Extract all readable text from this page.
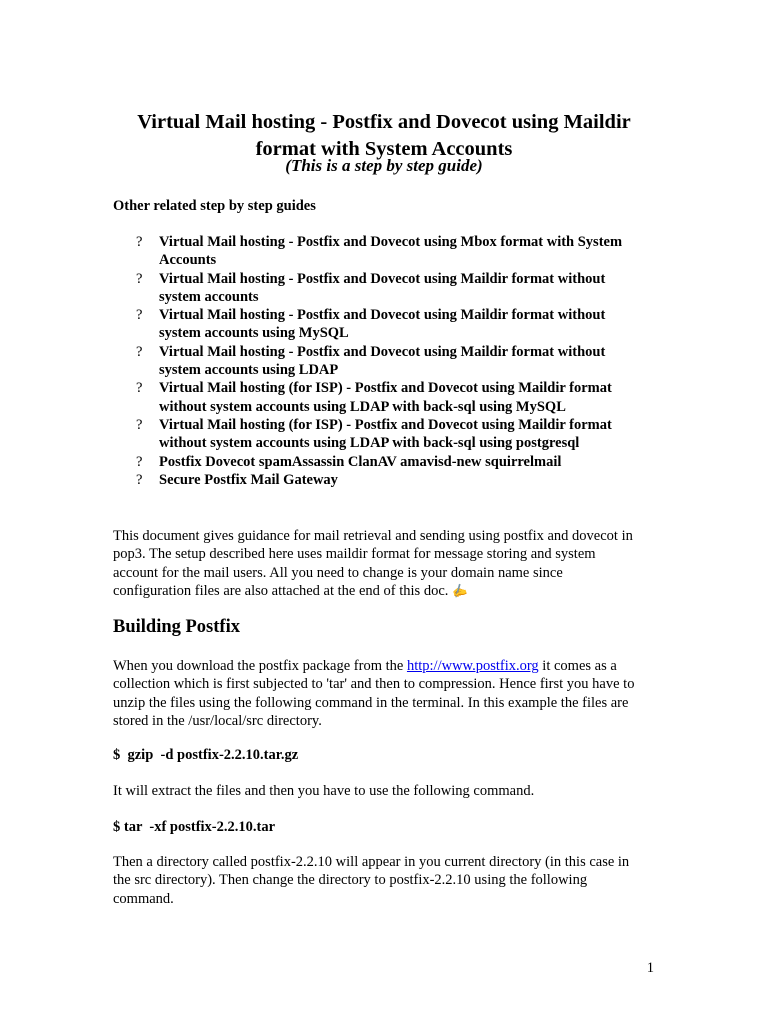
Virtual Mail hosting - Postfix and Dovecot using Maildir
format with System Accounts
(This is a step by step guide)
Other related step by step guides
? Virtual Mail hosting - Postfix and Dovecot using Mbox format with System
Accounts
? Virtual Mail hosting - Postfix and Dovecot using Maildir format without
system accounts
? Virtual Mail hosting - Postfix and Dovecot using Maildir format without
system accounts using MySQL
? Virtual Mail hosting - Postfix and Dovecot using Maildir format without
system accounts using LDAP
? Virtual Mail hosting (for ISP) - Postfix and Dovecot using Maildir format
without system accounts using LDAP with back-sql using MySQL
? Virtual Mail hosting (for ISP) - Postfix and Dovecot using Maildir format
without system accounts using LDAP with back-sql using postgresql
? Postfix Dovecot spamAssassin ClanAV amavisd-new squirrelmail
? Secure Postfix Mail Gateway
This document gives guidance for mail retrieval and sending using postfix and dovecot in
pop3. The setup described here uses maildir format for message storing and system
account for the mail users. All you need to change is your domain name since
configuration files are also attached at the end of this doc. ✍
Building Postfix
When you download the postfix package from the http://www.postfix.org it comes as a
collection which is first subjected to 'tar' and then to compression. Hence first you have to
unzip the files using the following command in the terminal. In this example the files are
stored in the /usr/local/src directory.
$  gzip  -d postfix-2.2.10.tar.gz
It will extract the files and then you have to use the following command.
$ tar  -xf postfix-2.2.10.tar
Then a directory called postfix-2.2.10 will appear in you current directory (in this case in
the src directory). Then change the directory to postfix-2.2.10 using the following
command.
1
